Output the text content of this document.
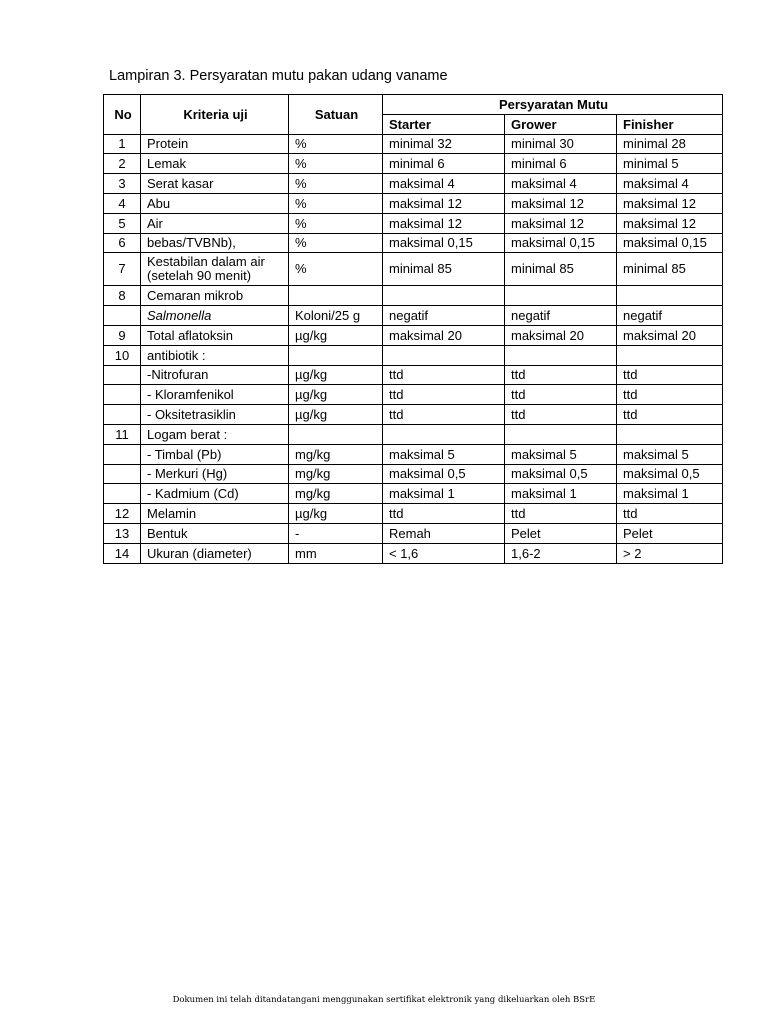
Lampiran 3. Persyaratan mutu pakan udang vaname
No	Kriteria uji	Satuan	Persyaratan Mutu		
			Starter	Grower	Finisher
1	Protein	%	minimal 32	minimal 30	minimal 28
2	Lemak	%	minimal 6	minimal 6	minimal 5
3	Serat kasar	%	maksimal 4	maksimal 4	maksimal 4
4	Abu	%	maksimal 12	maksimal 12	maksimal 12
5	Air	%	maksimal 12	maksimal 12	maksimal 12
6	bebas/TVBNb),	%	maksimal 0,15	maksimal 0,15	maksimal 0,15
7	Kestabilan dalam air (setelah 90 menit)	%	minimal 85	minimal 85	minimal 85
8	Cemaran mikrob				
	Salmonella	Koloni/25 g	negatif	negatif	negatif
9	Total aflatoksin	µg/kg	maksimal 20	maksimal 20	maksimal 20
10	antibiotik :				
	-Nitrofuran	µg/kg	ttd	ttd	ttd
	- Kloramfenikol	µg/kg	ttd	ttd	ttd
	- Oksitetrasiklin	µg/kg	ttd	ttd	ttd
11	Logam berat :				
	- Timbal (Pb)	mg/kg	maksimal 5	maksimal 5	maksimal 5
	- Merkuri (Hg)	mg/kg	maksimal 0,5	maksimal 0,5	maksimal 0,5
	- Kadmium (Cd)	mg/kg	maksimal 1	maksimal 1	maksimal 1
12	Melamin	µg/kg	ttd	ttd	ttd
13	Bentuk	-	Remah	Pelet	Pelet
14	Ukuran (diameter)	mm	< 1,6	1,6-2	> 2
Dokumen ini telah ditandatangani menggunakan sertifikat elektronik yang dikeluarkan oleh BSrE
